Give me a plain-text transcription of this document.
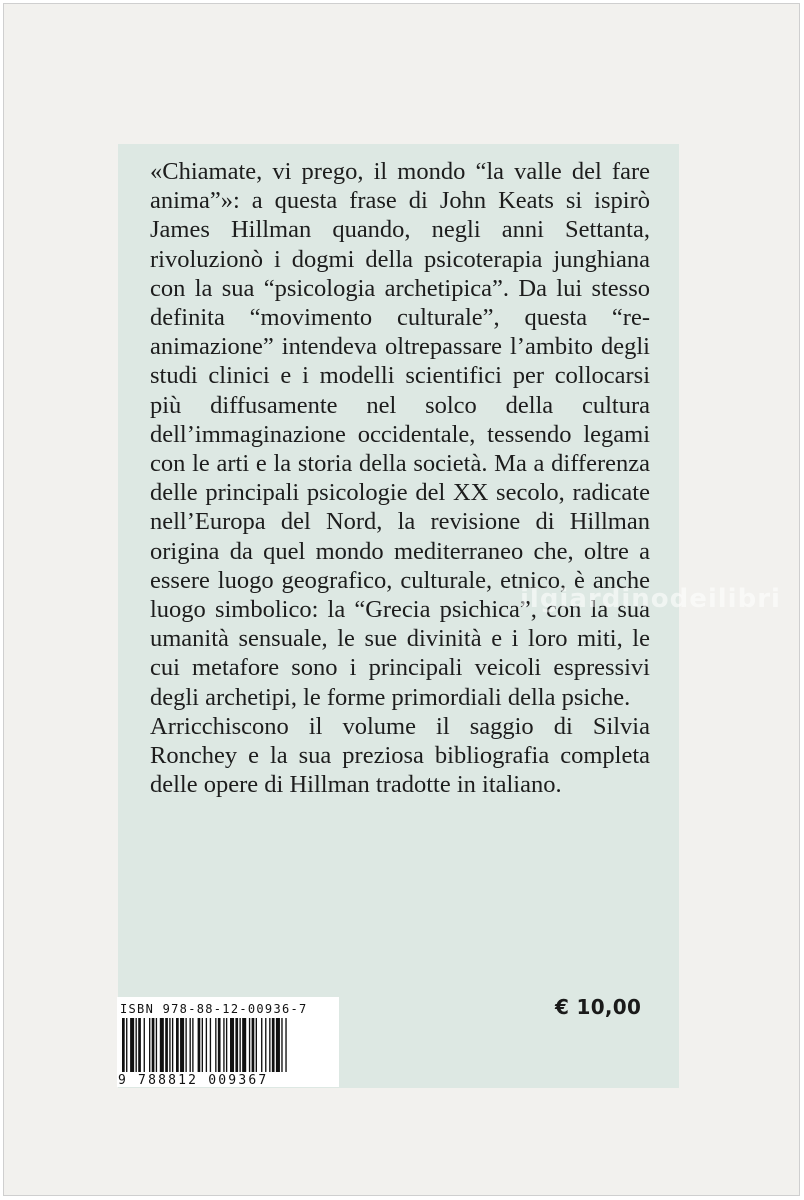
«Chiamate, vi prego, il mondo “la valle del fare anima”»: a questa frase di John Keats si ispirò James Hillman quando, negli anni Settanta, rivoluzionò i dogmi della psicoterapia junghiana con la sua “psicologia archetipica”. Da lui stesso definita “movimento culturale”, questa “re-animazione” intendeva oltrepassare l’ambito degli studi clinici e i modelli scientifici per collocarsi più diffusamente nel solco della cultura dell’immaginazione occidentale, tessendo legami con le arti e la storia della società. Ma a differenza delle principali psicologie del XX secolo, radicate nell’Europa del Nord, la revisione di Hillman origina da quel mondo mediterraneo che, oltre a essere luogo geografico, culturale, etnico, è anche luogo simbolico: la “Grecia psichica”, con la sua umanità sensuale, le sue divinità e i loro miti, le cui metafore sono i principali veicoli espressivi degli archetipi, le forme primordiali della psiche.

Arricchiscono il volume il saggio di Silvia Ronchey e la sua preziosa bibliografia completa delle opere di Hillman tradotte in italiano.

ilgiardinodeilibri
ISBN 978-88-12-00936-7
9 788812 009367
€ 10,00
